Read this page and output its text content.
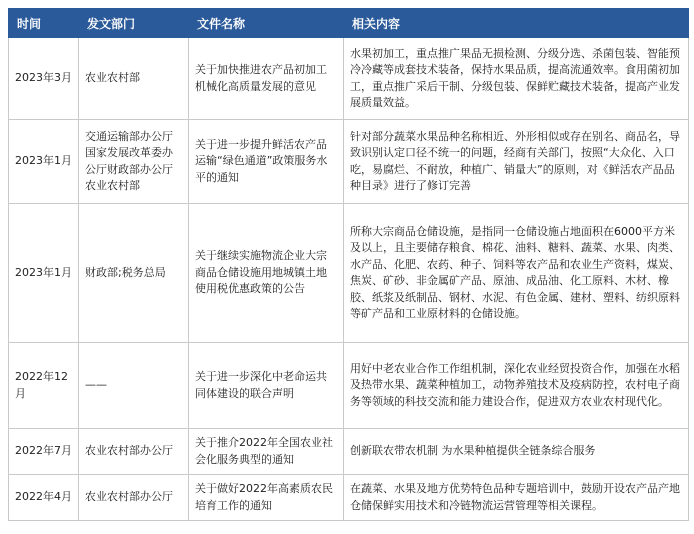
时间	发文部门	文件名称	相关内容
2023年3月	农业农村部	关于加快推进农产品初加工机械化高质量发展的意见	水果初加工，重点推广果品无损检测、分级分选、杀菌包装、智能预冷冷藏等成套技术装备，保持水果品质，提高流通效率。食用菌初加工，重点推广采后干制、分级包装、保鲜贮藏技术装备，提高产业发展质量效益。
2023年1月	交通运输部办公厅国家发展改革委办公厅财政部办公厅农业农村部	关于进一步提升鲜活农产品运输“绿色通道”政策服务水平的通知	针对部分蔬菜水果品种名称相近、外形相似或存在别名、商品名，导致识别认定口径不统一的问题，经商有关部门，按照“大众化、入口吃，易腐烂、不耐放，种植广、销量大”的原则，对《鲜活农产品品种目录》进行了修订完善
2023年1月	财政部;税务总局	关于继续实施物流企业大宗商品仓储设施用地城镇土地使用税优惠政策的公告	所称大宗商品仓储设施，是指同一仓储设施占地面积在6000平方米及以上，且主要储存粮食、棉花、油料、糖料、蔬菜、水果、肉类、水产品、化肥、农药、种子、饲料等农产品和农业生产资料，煤炭、焦炭、矿砂、非金属矿产品、原油、成品油、化工原料、木材、橡胶、纸浆及纸制品、钢材、水泥、有色金属、建材、塑料、纺织原料等矿产品和工业原材料的仓储设施。
2022年12月	——	关于进一步深化中老命运共同体建设的联合声明	用好中老农业合作工作组机制，深化农业经贸投资合作，加强在水稻及热带水果、蔬菜种植加工，动物养殖技术及疫病防控，农村电子商务等领域的科技交流和能力建设合作，促进双方农业农村现代化。
2022年7月	农业农村部办公厅	关于推介2022年全国农业社会化服务典型的通知	创新联农带农机制 为水果种植提供全链条综合服务
2022年4月	农业农村部办公厅	关于做好2022年高素质农民培育工作的通知	在蔬菜、水果及地方优势特色品种专题培训中，鼓励开设农产品产地仓储保鲜实用技术和冷链物流运营管理等相关课程。
